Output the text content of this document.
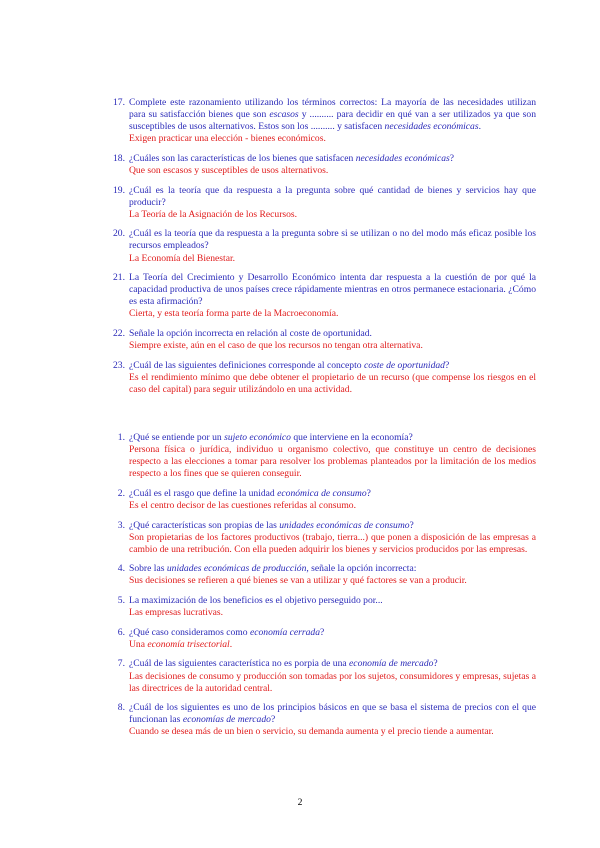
17. Complete este razonamiento utilizando los términos correctos: La mayoría de las necesidades utilizan para su satisfacción bienes que son escasos y .......... para decidir en qué van a ser utilizados ya que son susceptibles de usos alternativos. Estos son los .......... y satisfacen necesidades económicas.

Exigen practicar una elección - bienes económicos.

18. ¿Cuáles son las características de los bienes que satisfacen necesidades económicas?

Que son escasos y susceptibles de usos alternativos.

19. ¿Cuál es la teoría que da respuesta a la pregunta sobre qué cantidad de bienes y servicios hay que producir?

La Teoría de la Asignación de los Recursos.

20. ¿Cuál es la teoría que da respuesta a la pregunta sobre si se utilizan o no del modo más eficaz posible los recursos empleados?

La Economía del Bienestar.

21. La Teoría del Crecimiento y Desarrollo Económico intenta dar respuesta a la cuestión de por qué la capacidad productiva de unos países crece rápidamente mientras en otros permanece estacionaria. ¿Cómo es esta afirmación?

Cierta, y esta teoría forma parte de la Macroeconomía.

22. Señale la opción incorrecta en relación al coste de oportunidad.

Siempre existe, aún en el caso de que los recursos no tengan otra alternativa.

23. ¿Cuál de las siguientes definiciones corresponde al concepto coste de oportunidad?

Es el rendimiento mínimo que debe obtener el propietario de un recurso (que compense los riesgos en el caso del capital) para seguir utilizándolo en una actividad.

1. ¿Qué se entiende por un sujeto económico que interviene en la economía?

Persona física o jurídica, individuo u organismo colectivo, que constituye un centro de decisiones respecto a las elecciones a tomar para resolver los problemas planteados por la limitación de los medios respecto a los fines que se quieren conseguir.

2. ¿Cuál es el rasgo que define la unidad económica de consumo?

Es el centro decisor de las cuestiones referidas al consumo.

3. ¿Qué características son propias de las unidades económicas de consumo?

Son propietarias de los factores productivos (trabajo, tierra...) que ponen a disposición de las empresas a cambio de una retribución. Con ella pueden adquirir los bienes y servicios producidos por las empresas.

4. Sobre las unidades económicas de producción, señale la opción incorrecta:

Sus decisiones se refieren a qué bienes se van a utilizar y qué factores se van a producir.

5. La maximización de los beneficios es el objetivo perseguido por...

Las empresas lucrativas.

6. ¿Qué caso consideramos como economía cerrada?

Una economía trisectorial.

7. ¿Cuál de las siguientes característica no es porpia de una economía de mercado?

Las decisiones de consumo y producción son tomadas por los sujetos, consumidores y empresas, sujetas a las directrices de la autoridad central.

8. ¿Cuál de los siguientes es uno de los principios básicos en que se basa el sistema de precios con el que funcionan las economías de mercado?

Cuando se desea más de un bien o servicio, su demanda aumenta y el precio tiende a aumentar.

2
